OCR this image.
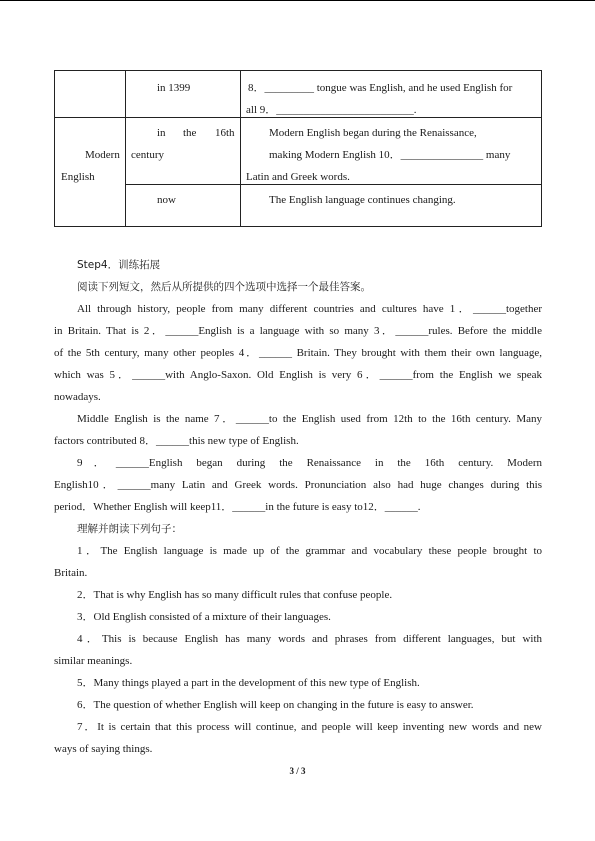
in 1399	8．_________ tongue was English, and he used English for
all 9．_________________________.
Modern
English
in the 16th
century
Modern English began during the Renaissance,
making Modern English 10．_______________ many
Latin and Greek words.
now	The English language continues changing.
Step4．训练拓展
阅读下列短文，然后从所提供的四个选项中选择一个最佳答案。
All through history, people from many different countries and cultures have 1．______together
in Britain. That is 2．______English is a language with so many 3．______rules. Before the middle
of the 5th century, many other peoples 4．______ Britain. They brought with them their own language,
which was 5．______with Anglo-Saxon. Old English is very 6．______from the English we speak
nowadays.
Middle English is the name 7．______to the English used from 12th to the 16th century. Many
factors contributed 8．______this new type of English.
9．______English began during the Renaissance in the 16th century. Modern
English10．______many Latin and Greek words. Pronunciation also had huge changes during this
period．Whether English will keep11．______in the future is easy to12．______.
理解并朗读下列句子：
1．The English language is made up of the grammar and vocabulary these people brought to
Britain.
2．That is why English has so many difficult rules that confuse people.
3．Old English consisted of a mixture of their languages.
4．This is because English has many words and phrases from different languages, but with
similar meanings.
5．Many things played a part in the development of this new type of English.
6．The question of whether English will keep on changing in the future is easy to answer.
7．It is certain that this process will continue, and people will keep inventing new words and new
ways of saying things.
3 / 3
